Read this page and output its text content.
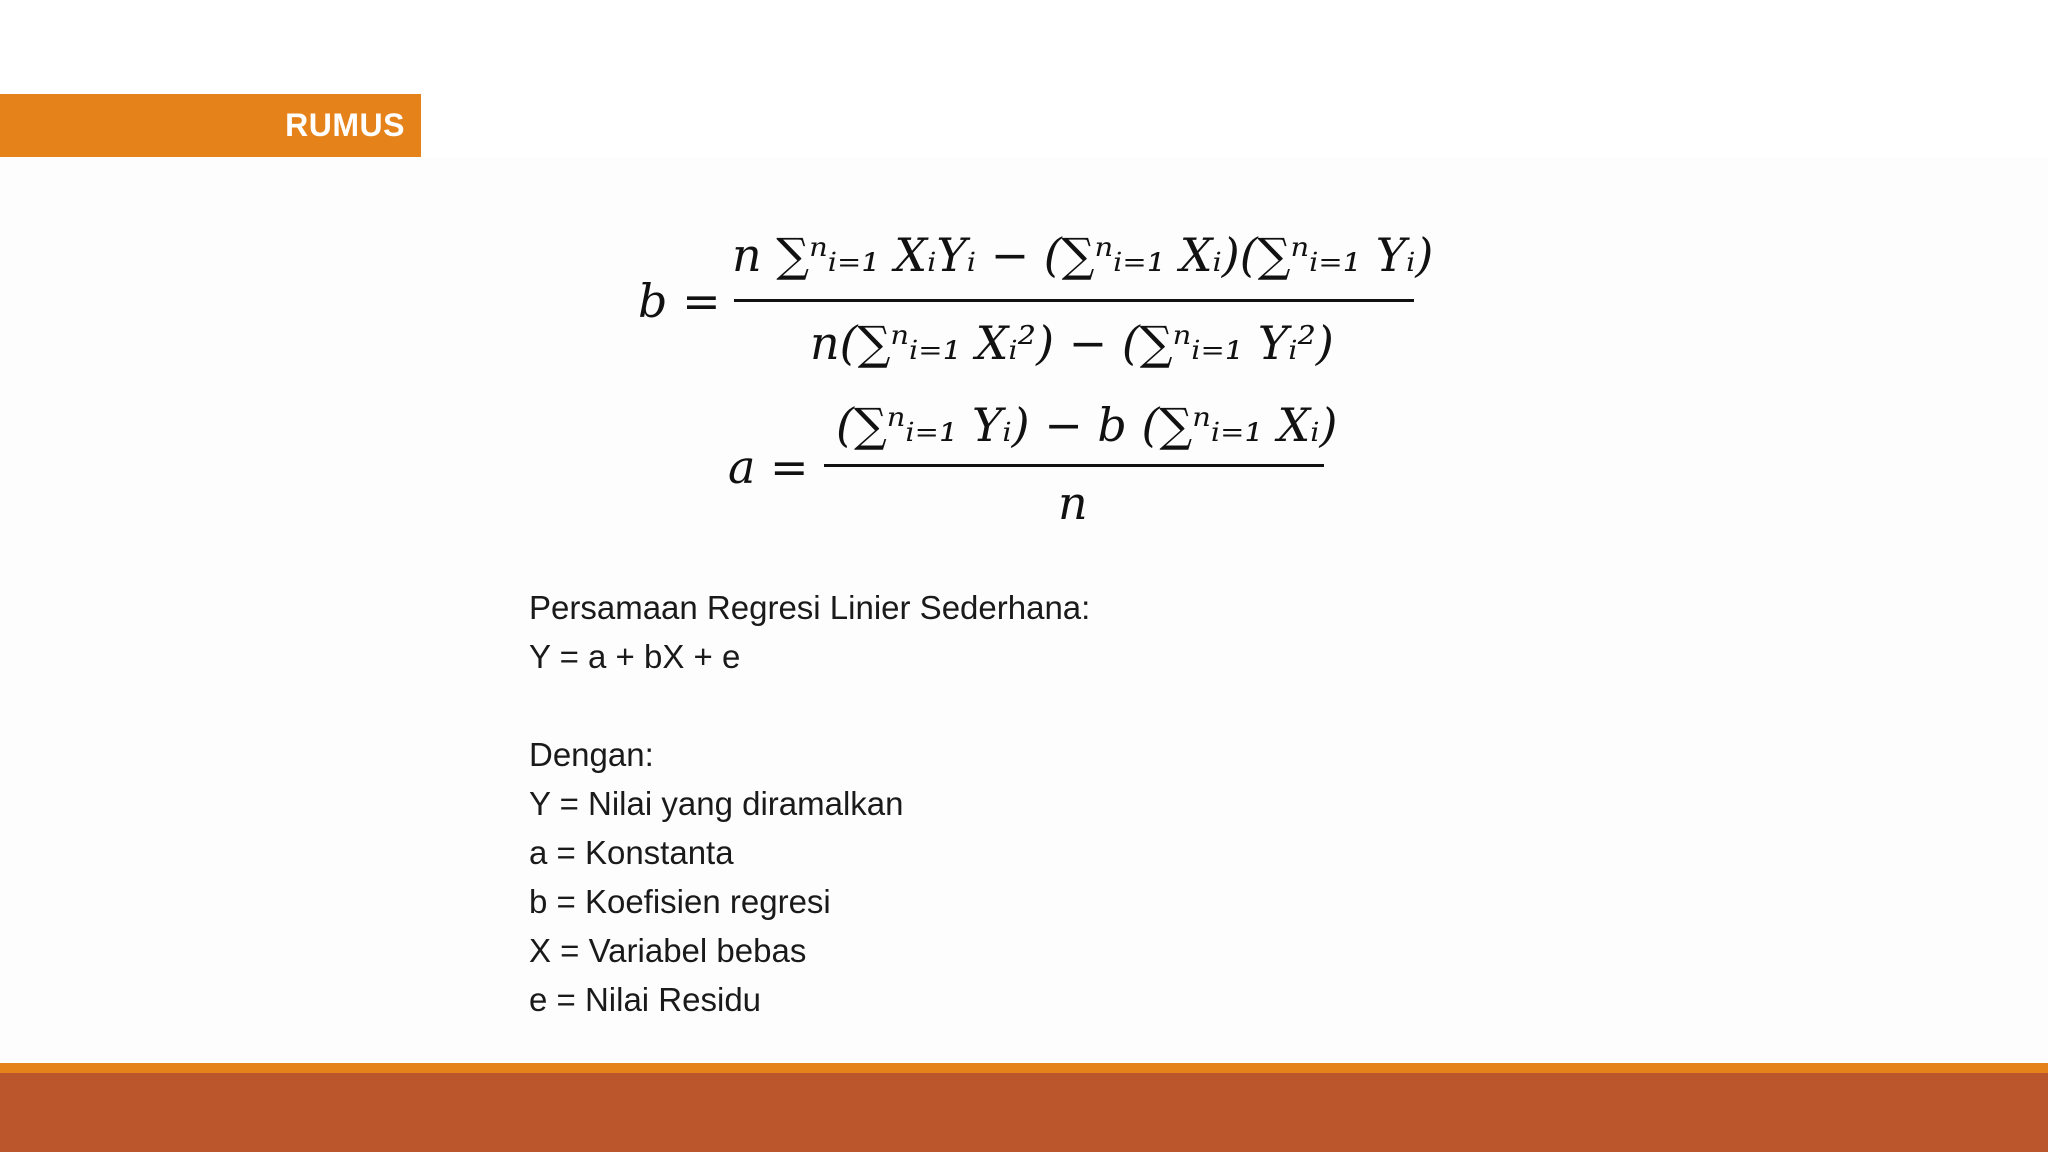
RUMUS
b =
n ∑ⁿᵢ₌₁ XᵢYᵢ − (∑ⁿᵢ₌₁ Xᵢ)(∑ⁿᵢ₌₁ Yᵢ)
n(∑ⁿᵢ₌₁ Xᵢ²) − (∑ⁿᵢ₌₁ Yᵢ²)
a =
(∑ⁿᵢ₌₁ Yᵢ) − b (∑ⁿᵢ₌₁ Xᵢ)
n
Persamaan Regresi Linier Sederhana:
Y = a + bX + e
Dengan:
Y = Nilai yang diramalkan
a = Konstanta
b = Koefisien regresi
X = Variabel bebas
e = Nilai Residu
